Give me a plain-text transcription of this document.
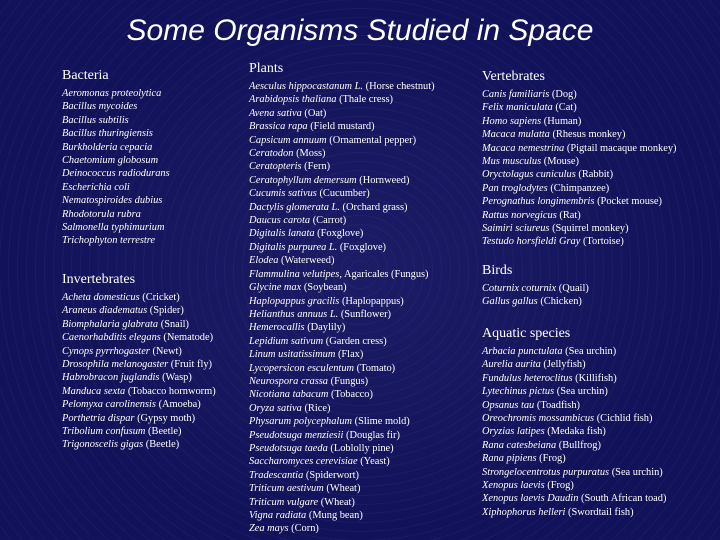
Some Organisms Studied in Space
Bacteria
Aeromonas proteolytica
Bacillus mycoides
Bacillus subtilis
Bacillus thuringiensis
Burkholderia cepacia
Chaetomium globosum
Deinococcus radiodurans
Escherichia coli
Nematospiroides dubius
Rhodotorula rubra
Salmonella typhimurium
Trichophyton terrestre
Invertebrates
Acheta domesticus (Cricket)
Araneus diadematus (Spider)
Biomphalaria glabrata (Snail)
Caenorhabditis elegans (Nematode)
Cynops pyrrhogaster (Newt)
Drosophila melanogaster (Fruit fly)
Habrobracon juglandis (Wasp)
Manduca sexta (Tobacco hornworm)
Pelomyxa carolinensis (Amoeba)
Porthetria dispar (Gypsy moth)
Tribolium confusum (Beetle)
Trigonoscelis gigas (Beetle)
Plants
Aesculus hippocastanum L. (Horse chestnut)
Arabidopsis thaliana (Thale cress)
Avena sativa (Oat)
Brassica rapa (Field mustard)
Capsicum annuum (Ornamental pepper)
Ceratodon (Moss)
Ceratopteris (Fern)
Ceratophyllum demersum (Hornweed)
Cucumis sativus (Cucumber)
Dactylis glomerata L. (Orchard grass)
Daucus carota (Carrot)
Digitalis lanata (Foxglove)
Digitalis purpurea L. (Foxglove)
Elodea (Waterweed)
Flammulina velutipes, Agaricales (Fungus)
Glycine max (Soybean)
Haplopappus gracilis (Haplopappus)
Helianthus annuus L. (Sunflower)
Hemerocallis (Daylily)
Lepidium sativum (Garden cress)
Linum usitatissimum (Flax)
Lycopersicon esculentum (Tomato)
Neurospora crassa (Fungus)
Nicotiana tabacum (Tobacco)
Oryza sativa (Rice)
Physarum polycephalum (Slime mold)
Pseudotsuga menziesii (Douglas fir)
Pseudotsuga taeda (Loblolly pine)
Saccharomyces cerevisiae (Yeast)
Tradescantia (Spiderwort)
Triticum aestivum (Wheat)
Triticum vulgare (Wheat)
Vigna radiata (Mung bean)
Zea mays (Corn)
Vertebrates
Canis familiaris (Dog)
Felix maniculata (Cat)
Homo sapiens (Human)
Macaca mulatta (Rhesus monkey)
Macaca nemestrina (Pigtail macaque monkey)
Mus musculus (Mouse)
Oryctolagus cuniculus (Rabbit)
Pan troglodytes (Chimpanzee)
Perognathus longimembris (Pocket mouse)
Rattus norvegicus (Rat)
Saimiri sciureus (Squirrel monkey)
Testudo horsfieldi Gray (Tortoise)
Birds
Coturnix coturnix (Quail)
Gallus gallus (Chicken)
Aquatic species
Arbacia punctulata (Sea urchin)
Aurelia aurita (Jellyfish)
Fundulus heteroclitus (Killifish)
Lytechinus pictus (Sea urchin)
Opsanus tau (Toadfish)
Oreochromis mossambicus (Cichlid fish)
Oryzias latipes (Medaka fish)
Rana catesbeiana (Bullfrog)
Rana pipiens (Frog)
Strongelocentrotus purpuratus (Sea urchin)
Xenopus laevis (Frog)
Xenopus laevis Daudin (South African toad)
Xiphophorus helleri (Swordtail fish)
